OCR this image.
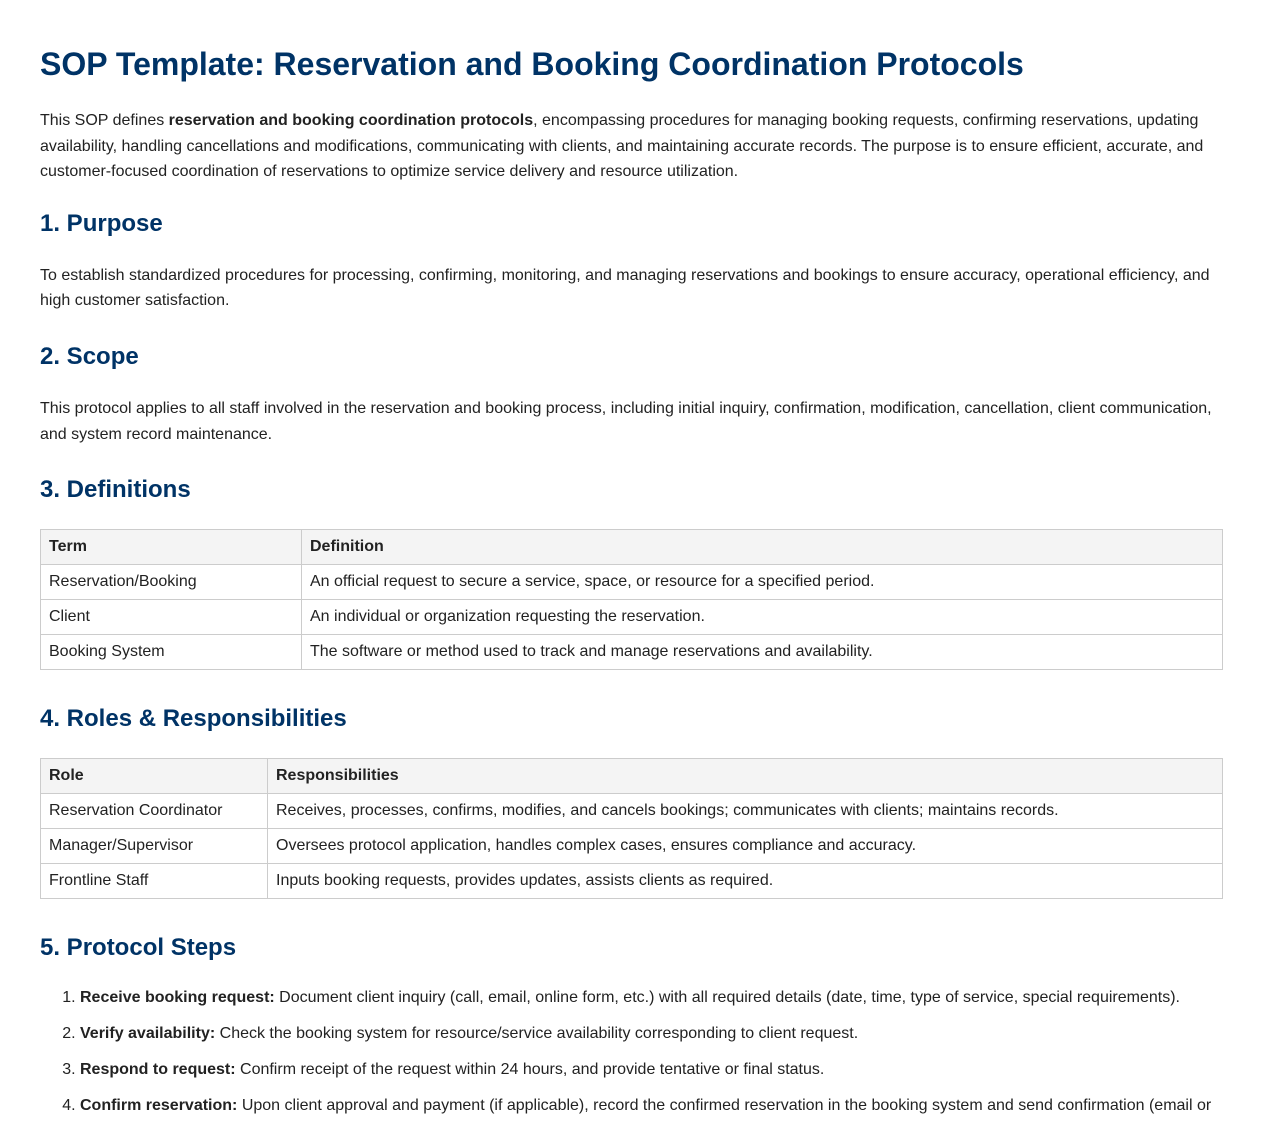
SOP Template: Reservation and Booking Coordination Protocols

This SOP defines reservation and booking coordination protocols, encompassing procedures for managing booking requests, confirming reservations, updating availability, handling cancellations and modifications, communicating with clients, and maintaining accurate records. The purpose is to ensure efficient, accurate, and customer-focused coordination of reservations to optimize service delivery and resource utilization.

1. Purpose

To establish standardized procedures for processing, confirming, monitoring, and managing reservations and bookings to ensure accuracy, operational efficiency, and high customer satisfaction.

2. Scope

This protocol applies to all staff involved in the reservation and booking process, including initial inquiry, confirmation, modification, cancellation, client communication, and system record maintenance.

3. Definitions
Term	Definition
Reservation/Booking	An official request to secure a service, space, or resource for a specified period.
Client	An individual or organization requesting the reservation.
Booking System	The software or method used to track and manage reservations and availability.
4. Roles & Responsibilities
Role	Responsibilities
Reservation Coordinator	Receives, processes, confirms, modifies, and cancels bookings; communicates with clients; maintains records.
Manager/Supervisor	Oversees protocol application, handles complex cases, ensures compliance and accuracy.
Frontline Staff	Inputs booking requests, provides updates, assists clients as required.
5. Protocol Steps
1. Receive booking request: Document client inquiry (call, email, online form, etc.) with all required details (date, time, type of service, special requirements).
2. Verify availability: Check the booking system for resource/service availability corresponding to client request.
3. Respond to request: Confirm receipt of the request within 24 hours, and provide tentative or final status.
4. Confirm reservation: Upon client approval and payment (if applicable), record the confirmed reservation in the booking system and send confirmation (email or
